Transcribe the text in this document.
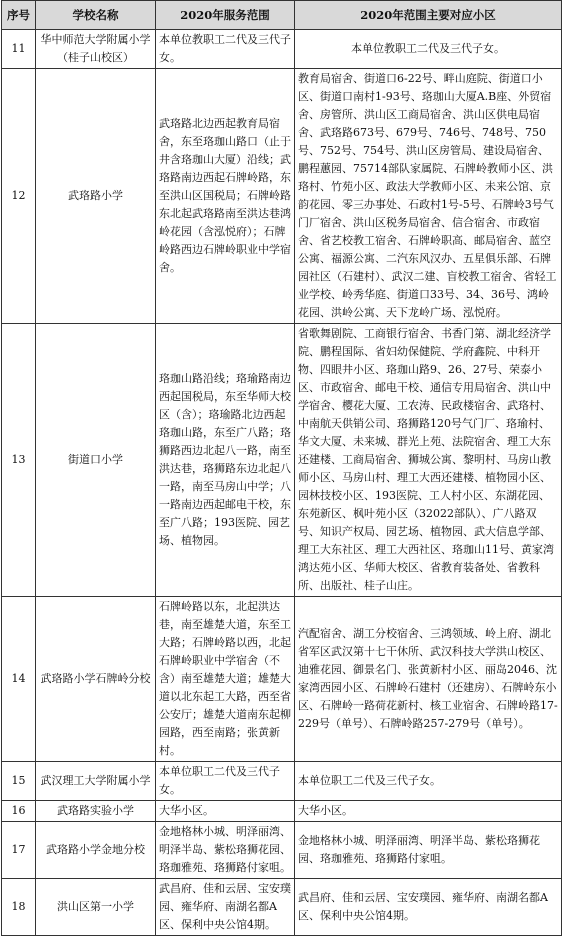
序号	学校名称	2020年服务范围	2020年范围主要对应小区
11	华中师范大学附属小学（桂子山校区）	本单位教职工二代及三代子女。	本单位教职工二代及三代子女。
12	武珞路小学	武珞路北边西起教育局宿舍，东至珞珈山路口（止于井含珞珈山大厦）沿线；武珞路南边西起石牌岭路，东至洪山区国税局；石牌岭路东北起武珞路南至洪达巷鸿岭花园（含泓悦府）；石牌岭路西边石牌岭职业中学宿舍。	教育局宿舍、街道口6-22号、畔山庭院、街道口小区、街道口南村1-93号、珞珈山大厦A.B座、外贸宿舍、房管所、洪山区工商局宿舍、洪山区供电局宿舍、武珞路673号、679号、746号、748号、750号、752号、754号、洪山区房管局、建设局宿舍、鹏程蕙园、75714部队家属院、石牌岭教师小区、洪珞村、竹苑小区、政法大学教师小区、未来公馆、京韵花园、零三办事处、石政村1号-5号、石牌岭3号气门厂宿舍、洪山区税务局宿舍、信合宿舍、市政宿舍、省艺校教工宿舍、石牌岭职高、邮局宿舍、蓝空公寓、福源公寓、二汽东风汉办、五星俱乐部、石牌园社区（石建村）、武汉二建、盲校教工宿舍、省轻工业学校、岭秀华庭、街道口33号、34、36号、鸿岭花园、洪岭公寓、天下龙岭广场、泓悦府。
13	街道口小学	珞珈山路沿线；珞瑜路南边西起国税局，东至华师大校区（含）；珞瑜路北边西起珞珈山路，东至广八路；珞狮路西边北起八一路，南至洪达巷，珞狮路东边北起八一路，南至马房山中学；八一路南边西起邮电干校，东至广八路；193医院、园艺场、植物园。	省歌舞剧院、工商银行宿舍、书香门第、湖北经济学院、鹏程国际、省妇幼保健院、学府鑫院、中科开物、四眼井小区、珞珈山路9、26、27号、荣泰小区、市政宿舍、邮电干校、通信专用局宿舍、洪山中学宿舍、樱花大厦、工农涛、民政楼宿舍、武珞村、中南航天供销公司、珞狮路120号气门厂、珞瑜村、华文大厦、未来城、群光上苑、法院宿舍、理工大东还建楼、工商局宿舍、狮城公寓、黎明村、马房山教师小区、马房山村、理工大西还建楼、植物园小区、园林技校小区、193医院、工人村小区、东湖花园、东苑新区、枫叶苑小区（32022部队）、广八路双号、知识产权局、园艺场、植物园、武大信息学部、理工大东社区、理工大西社区、珞珈山11号、黄家湾鸿达苑小区、华师大校区、省教育装备处、省教科所、出版社、桂子山庄。
14	武珞路小学石牌岭分校	石牌岭路以东，北起洪达巷，南至雄楚大道，东至工大路；石牌岭路以西，北起石牌岭职业中学宿舍（不含）南至雄楚大道；雄楚大道以北东起工大路，西至省公安厅；雄楚大道南东起柳园路，西至南路；张黄新村。	汽配宿舍、湖工分校宿舍、三鸿领域、岭上府、湖北省军区武汉第十七干休所、武汉科技大学洪山校区、迪雅花园、御景名门、张黄新村小区、丽岛2046、沈家湾西园小区、石牌岭石建村（还建房）、石牌岭东小区、石牌岭一路荷花新村、核工业宿舍、石牌岭路17-229号（单号）、石牌岭路257-279号（单号）。
15	武汉理工大学附属小学	本单位职工二代及三代子女。	本单位职工二代及三代子女。
16	武珞路实验小学	大华小区。	大华小区。
17	武珞路小学金地分校	金地格林小城、明泽丽湾、明泽半岛、紫松珞狮花园、珞珈雅苑、珞狮路付家咀。	金地格林小城、明泽丽湾、明泽半岛、紫松珞狮花园、珞珈雅苑、珞狮路付家咀。
18	洪山区第一小学	武昌府、佳和云居、宝安璞园、雍华府、南湖名都A区、保利中央公馆4期。	武昌府、佳和云居、宝安璞园、雍华府、南湖名都A区、保利中央公馆4期。
